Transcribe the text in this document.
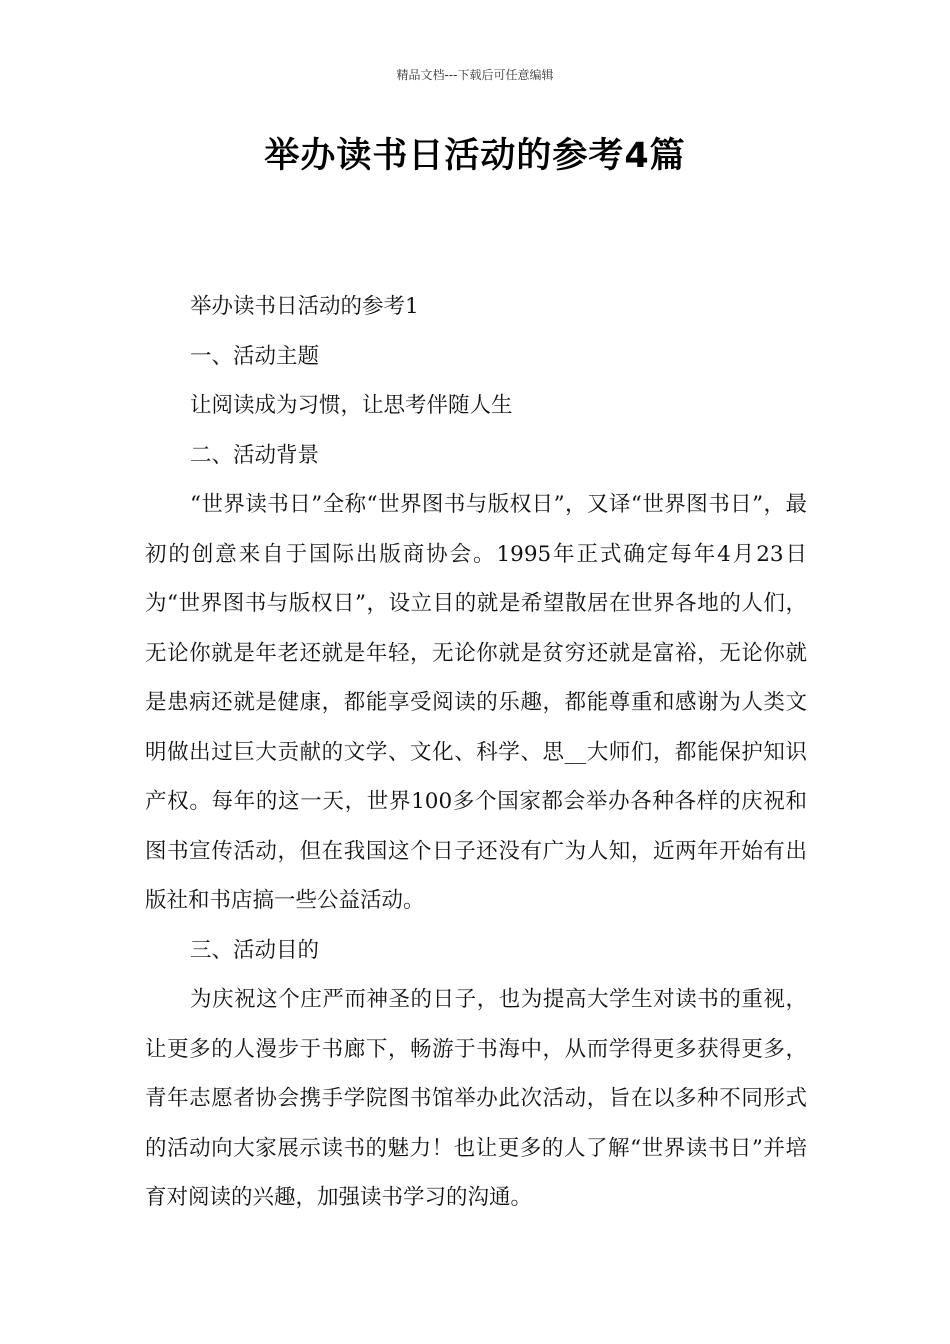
精品文档---下载后可任意编辑
举办读书日活动的参考4篇

举办读书日活动的参考1

一、活动主题

让阅读成为习惯，让思考伴随人生

二、活动背景

“世界读书日”全称“世界图书与版权日”，又译“世界图书日”，最初的创意来自于国际出版商协会。1995年正式确定每年4月23日为“世界图书与版权日”，设立目的就是希望散居在世界各地的人们，无论你就是年老还就是年轻，无论你就是贫穷还就是富裕，无论你就是患病还就是健康，都能享受阅读的乐趣，都能尊重和感谢为人类文明做出过巨大贡献的文学、文化、科学、思__大师们，都能保护知识产权。每年的这一天，世界100多个国家都会举办各种各样的庆祝和图书宣传活动，但在我国这个日子还没有广为人知，近两年开始有出版社和书店搞一些公益活动。

三、活动目的

为庆祝这个庄严而神圣的日子，也为提高大学生对读书的重视，让更多的人漫步于书廊下，畅游于书海中，从而学得更多获得更多，青年志愿者协会携手学院图书馆举办此次活动，旨在以多种不同形式的活动向大家展示读书的魅力！也让更多的人了解“世界读书日”并培育对阅读的兴趣，加强读书学习的沟通。
